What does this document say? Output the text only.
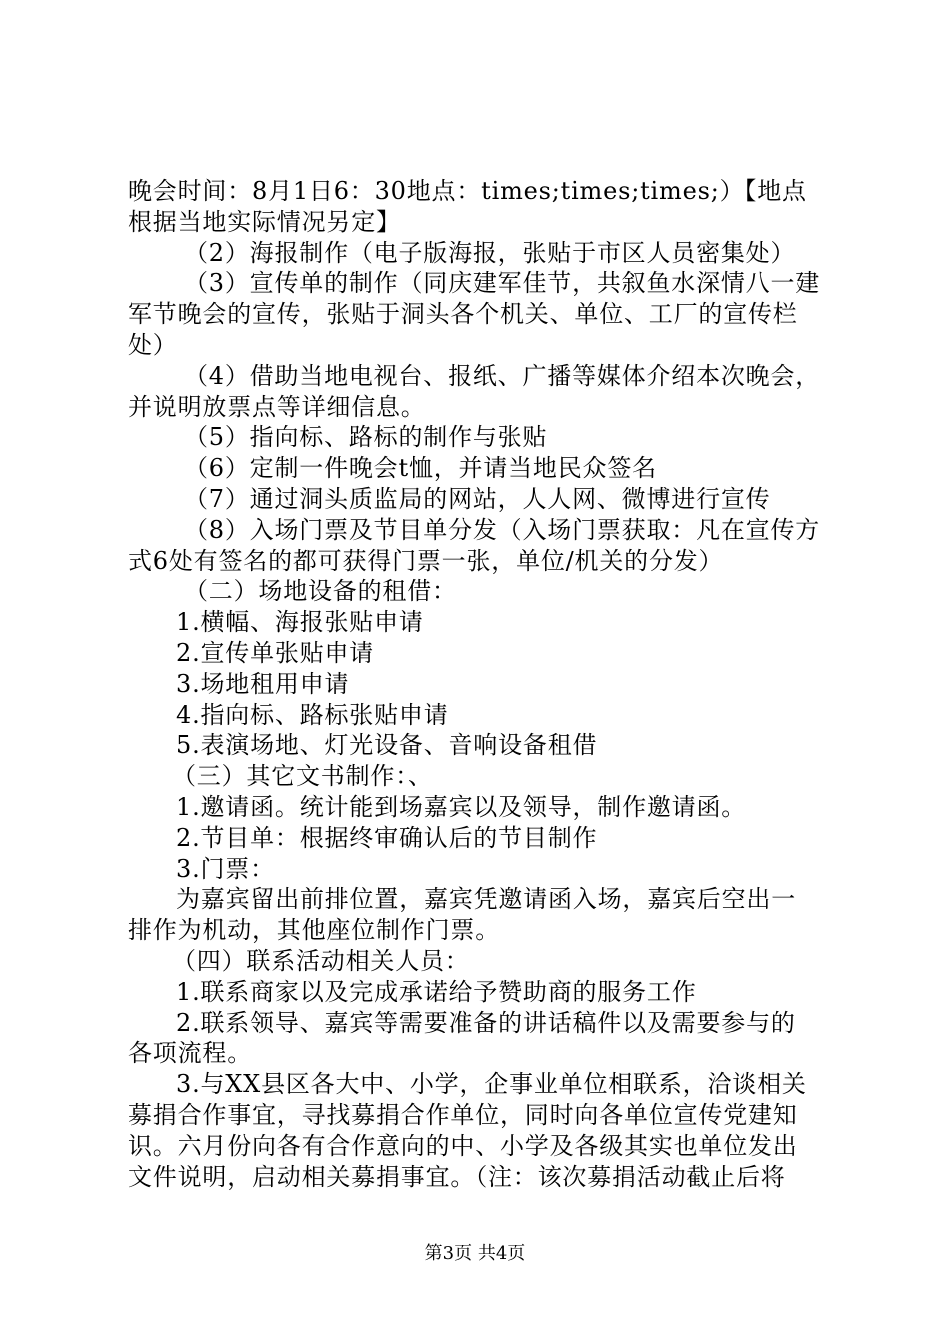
晚会时间：8月1日6：30地点：times;times;times;）【地点
根据当地实际情况另定】
（2）海报制作（电子版海报，张贴于市区人员密集处）
（3）宣传单的制作（同庆建军佳节，共叙鱼水深情八一建
军节晚会的宣传，张贴于洞头各个机关、单位、工厂的宣传栏
处）
（4）借助当地电视台、报纸、广播等媒体介绍本次晚会，
并说明放票点等详细信息。
（5）指向标、路标的制作与张贴
（6）定制一件晚会t恤，并请当地民众签名
（7）通过洞头质监局的网站，人人网、微博进行宣传
（8）入场门票及节目单分发（入场门票获取：凡在宣传方
式6处有签名的都可获得门票一张，单位/机关的分发）
（二）场地设备的租借：
1.横幅、海报张贴申请
2.宣传单张贴申请
3.场地租用申请
4.指向标、路标张贴申请
5.表演场地、灯光设备、音响设备租借
（三）其它文书制作：、
1.邀请函。统计能到场嘉宾以及领导，制作邀请函。
2.节目单：根据终审确认后的节目制作
3.门票：
为嘉宾留出前排位置，嘉宾凭邀请函入场，嘉宾后空出一
排作为机动，其他座位制作门票。
（四）联系活动相关人员：
1.联系商家以及完成承诺给予赞助商的服务工作
2.联系领导、嘉宾等需要准备的讲话稿件以及需要参与的
各项流程。
3.与XX县区各大中、小学，企事业单位相联系，洽谈相关
募捐合作事宜，寻找募捐合作单位，同时向各单位宣传党建知
识。六月份向各有合作意向的中、小学及各级其实也单位发出
文件说明，启动相关募捐事宜。（注：该次募捐活动截止后将
第3页 共4页
